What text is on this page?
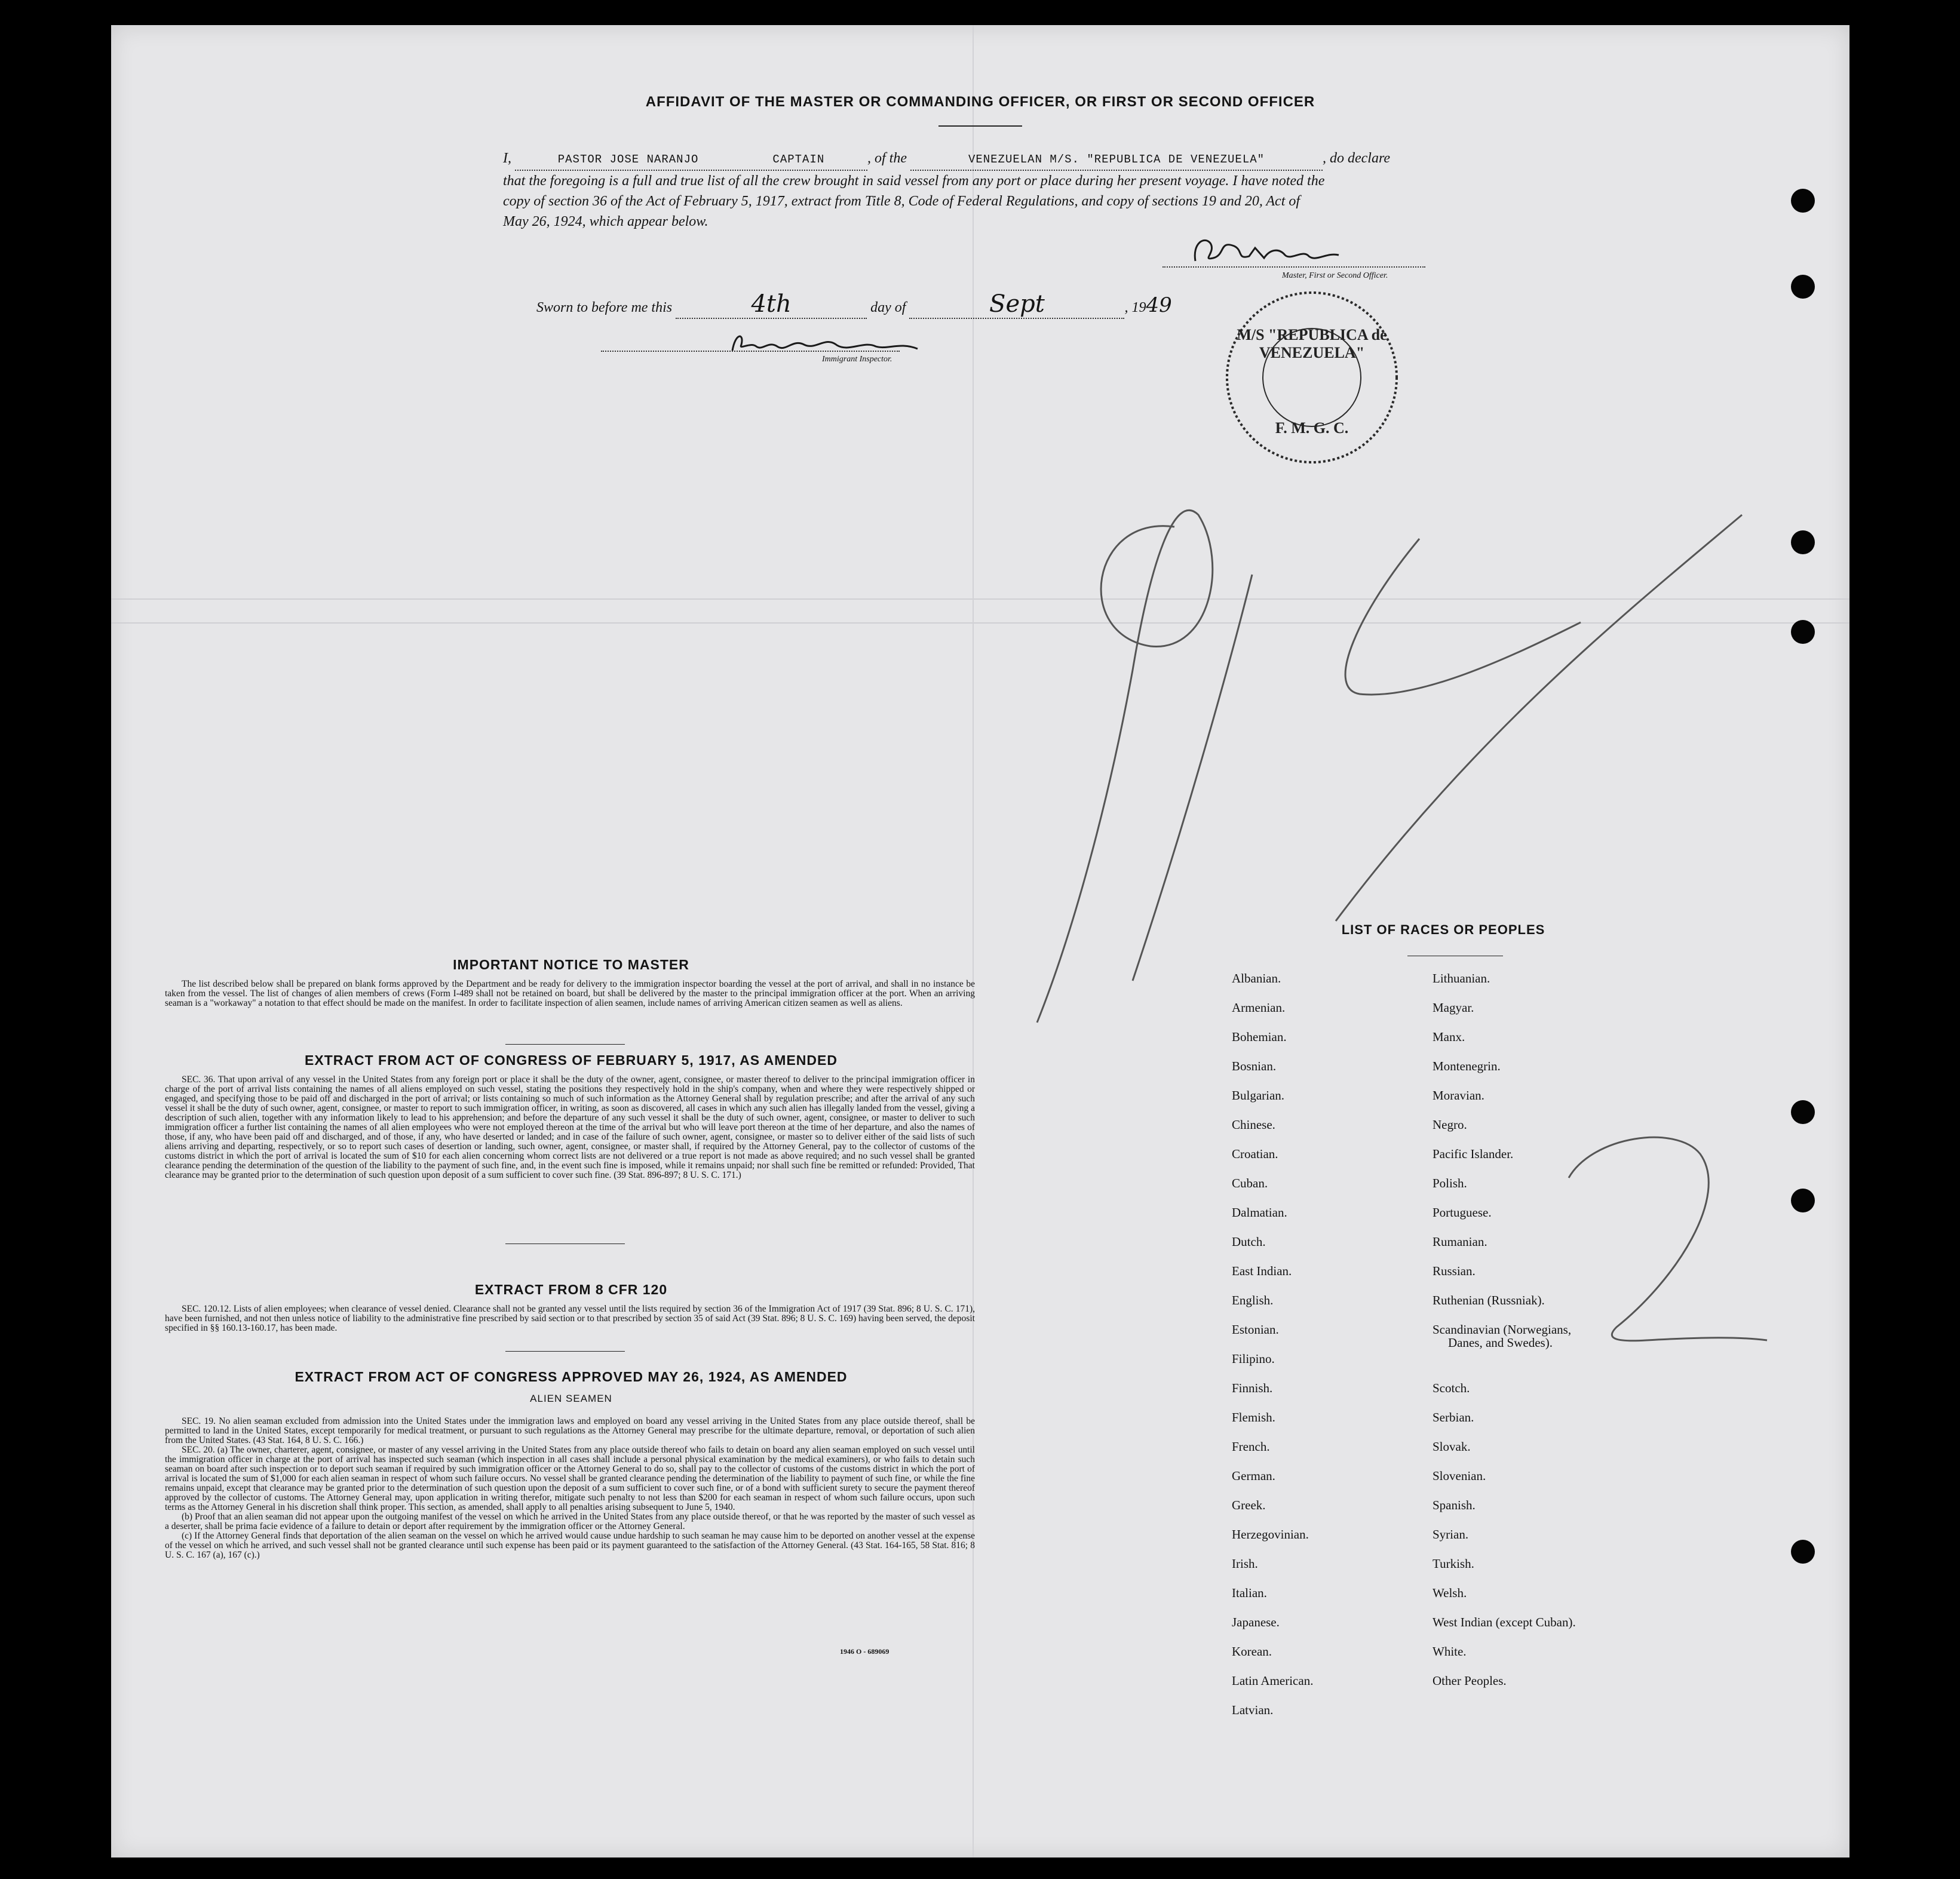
AFFIDAVIT OF THE MASTER OR COMMANDING OFFICER, OR FIRST OR SECOND OFFICER
I,	PASTOR JOSE NARANJO	CAPTAIN	, of the	VENEZUELAN M/S. "REPUBLICA DE VENEZUELA"	, do declare
that the foregoing is a full and true list of all the crew brought in said vessel from any port or place during her present voyage. I have noted the
copy of section 36 of the Act of February 5, 1917, extract from Title 8, Code of Federal Regulations, and copy of sections 19 and 20, Act of
May 26, 1924, which appear below.
Master, First or Second Officer.
Sworn to before me this	4th	day of	Sept	, 1949
Immigrant Inspector.
M/S "REPUBLICA de VENEZUELA"
F. M. G. C.
IMPORTANT NOTICE TO MASTER

The list described below shall be prepared on blank forms approved by the Department and be ready for delivery to the immigration inspector boarding the vessel at the port of arrival, and shall in no instance be taken from the vessel. The list of changes of alien members of crews (Form I-489 shall not be retained on board, but shall be delivered by the master to the principal immigration officer at the port. When an arriving seaman is a "workaway" a notation to that effect should be made on the manifest. In order to facilitate inspection of alien seamen, include names of arriving American citizen seamen as well as aliens.

EXTRACT FROM ACT OF CONGRESS OF FEBRUARY 5, 1917, AS AMENDED

SEC. 36. That upon arrival of any vessel in the United States from any foreign port or place it shall be the duty of the owner, agent, consignee, or master thereof to deliver to the principal immigration officer in charge of the port of arrival lists containing the names of all aliens employed on such vessel, stating the positions they respectively hold in the ship's company, when and where they were respectively shipped or engaged, and specifying those to be paid off and discharged in the port of arrival; or lists containing so much of such information as the Attorney General shall by regulation prescribe; and after the arrival of any such vessel it shall be the duty of such owner, agent, consignee, or master to report to such immigration officer, in writing, as soon as discovered, all cases in which any such alien has illegally landed from the vessel, giving a description of such alien, together with any information likely to lead to his apprehension; and before the departure of any such vessel it shall be the duty of such owner, agent, consignee, or master to deliver to such immigration officer a further list containing the names of all alien employees who were not employed thereon at the time of the arrival but who will leave port thereon at the time of her departure, and also the names of those, if any, who have been paid off and discharged, and of those, if any, who have deserted or landed; and in case of the failure of such owner, agent, consignee, or master so to deliver either of the said lists of such aliens arriving and departing, respectively, or so to report such cases of desertion or landing, such owner, agent, consignee, or master shall, if required by the Attorney General, pay to the collector of customs of the customs district in which the port of arrival is located the sum of $10 for each alien concerning whom correct lists are not delivered or a true report is not made as above required; and no such vessel shall be granted clearance pending the determination of the question of the liability to the payment of such fine, and, in the event such fine is imposed, while it remains unpaid; nor shall such fine be remitted or refunded: Provided, That clearance may be granted prior to the determination of such question upon deposit of a sum sufficient to cover such fine. (39 Stat. 896-897; 8 U. S. C. 171.)

EXTRACT FROM 8 CFR 120

SEC. 120.12. Lists of alien employees; when clearance of vessel denied. Clearance shall not be granted any vessel until the lists required by section 36 of the Immigration Act of 1917 (39 Stat. 896; 8 U. S. C. 171), have been furnished, and not then unless notice of liability to the administrative fine prescribed by said section or to that prescribed by section 35 of said Act (39 Stat. 896; 8 U. S. C. 169) having been served, the deposit specified in §§ 160.13-160.17, has been made.

EXTRACT FROM ACT OF CONGRESS APPROVED MAY 26, 1924, AS AMENDED
ALIEN SEAMEN

SEC. 19. No alien seaman excluded from admission into the United States under the immigration laws and employed on board any vessel arriving in the United States from any place outside thereof, shall be permitted to land in the United States, except temporarily for medical treatment, or pursuant to such regulations as the Attorney General may prescribe for the ultimate departure, removal, or deportation of such alien from the United States. (43 Stat. 164, 8 U. S. C. 166.)

SEC. 20. (a) The owner, charterer, agent, consignee, or master of any vessel arriving in the United States from any place outside thereof who fails to detain on board any alien seaman employed on such vessel until the immigration officer in charge at the port of arrival has inspected such seaman (which inspection in all cases shall include a personal physical examination by the medical examiners), or who fails to detain such seaman on board after such inspection or to deport such seaman if required by such immigration officer or the Attorney General to do so, shall pay to the collector of customs of the customs district in which the port of arrival is located the sum of $1,000 for each alien seaman in respect of whom such failure occurs. No vessel shall be granted clearance pending the determination of the liability to payment of such fine, or while the fine remains unpaid, except that clearance may be granted prior to the determination of such question upon the deposit of a sum sufficient to cover such fine, or of a bond with sufficient surety to secure the payment thereof approved by the collector of customs. The Attorney General may, upon application in writing therefor, mitigate such penalty to not less than $200 for each seaman in respect of whom such failure occurs, upon such terms as the Attorney General in his discretion shall think proper. This section, as amended, shall apply to all penalties arising subsequent to June 5, 1940.

(b) Proof that an alien seaman did not appear upon the outgoing manifest of the vessel on which he arrived in the United States from any place outside thereof, or that he was reported by the master of such vessel as a deserter, shall be prima facie evidence of a failure to detain or deport after requirement by the immigration officer or the Attorney General.

(c) If the Attorney General finds that deportation of the alien seaman on the vessel on which he arrived would cause undue hardship to such seaman he may cause him to be deported on another vessel at the expense of the vessel on which he arrived, and such vessel shall not be granted clearance until such expense has been paid or its payment guaranteed to the satisfaction of the Attorney General. (43 Stat. 164-165, 58 Stat. 816; 8 U. S. C. 167 (a), 167 (c).)

1946 O - 689069
LIST OF RACES OR PEOPLES
Albanian.
Armenian.
Bohemian.
Bosnian.
Bulgarian.
Chinese.
Croatian.
Cuban.
Dalmatian.
Dutch.
East Indian.
English.
Estonian.
Filipino.
Finnish.
Flemish.
French.
German.
Greek.
Herzegovinian.
Irish.
Italian.
Japanese.
Korean.
Latin American.
Latvian.
Lithuanian.
Magyar.
Manx.
Montenegrin.
Moravian.
Negro.
Pacific Islander.
Polish.
Portuguese.
Rumanian.
Russian.
Ruthenian (Russniak).
Scandinavian (Norwegians,
Danes, and Swedes).
Scotch.
Serbian.
Slovak.
Slovenian.
Spanish.
Syrian.
Turkish.
Welsh.
West Indian (except Cuban).
White.
Other Peoples.
